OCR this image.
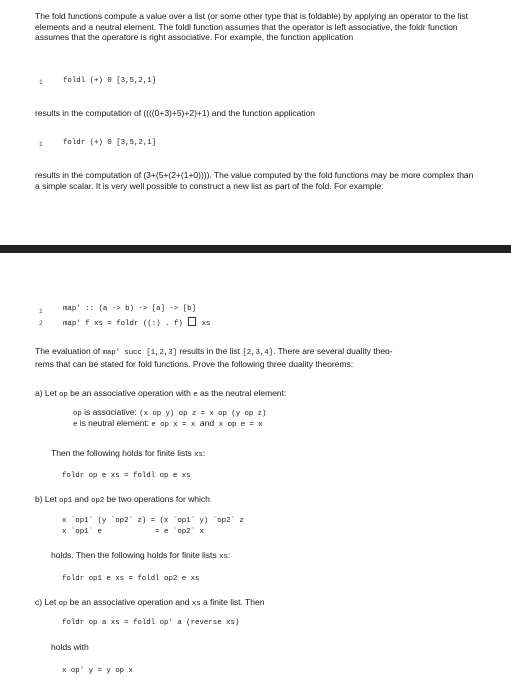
The fold functions compute a value over a list (or some other type that is foldable) by applying an operator to the list elements and a neutral element. The foldl function assumes that the operator is left associative, the foldr function assumes that the operatore is right associative. For example, the function application
1	foldl (+) 0 [3,5,2,1]
results in the computation of ((((0+3)+5)+2)+1) and the function application
1	foldr (+) 0 [3,5,2,1]
results in the computation of (3+(5+(2+(1+0)))). The value computed by the fold functions may be more complex than a simple scalar. It is very well possible to construct a new list as part of the fold. For example:
1	map' :: (a -> b) -> [a] -> [b]
2	map' f xs = foldr ((:) . f)	xs
The evaluation of map' succ [1,2,3] results in the list [2,3,4]. There are several duality theo-
rems that can be stated for fold functions. Prove the following three duality theorems:
a) Let op be an associative operation with e as the neutral element:
op is associative: (x op y) op z = x op (y op z)
e is neutral element: e op x = x and x op e = x
Then the following holds for finite lists xs:
foldr op e xs = foldl op e xs
b) Let op1 and op2 be two operations for which
x `op1` (y `op2` z) = (x `op1` y) `op2` z
x `op1` e            = e `op2` x
holds. Then the following holds for finite lists xs:
foldr op1 e xs = foldl op2 e xs
c) Let op be an associative operation and xs a finite list. Then
foldr op a xs = foldl op' a (reverse xs)
holds with
x op' y = y op x
